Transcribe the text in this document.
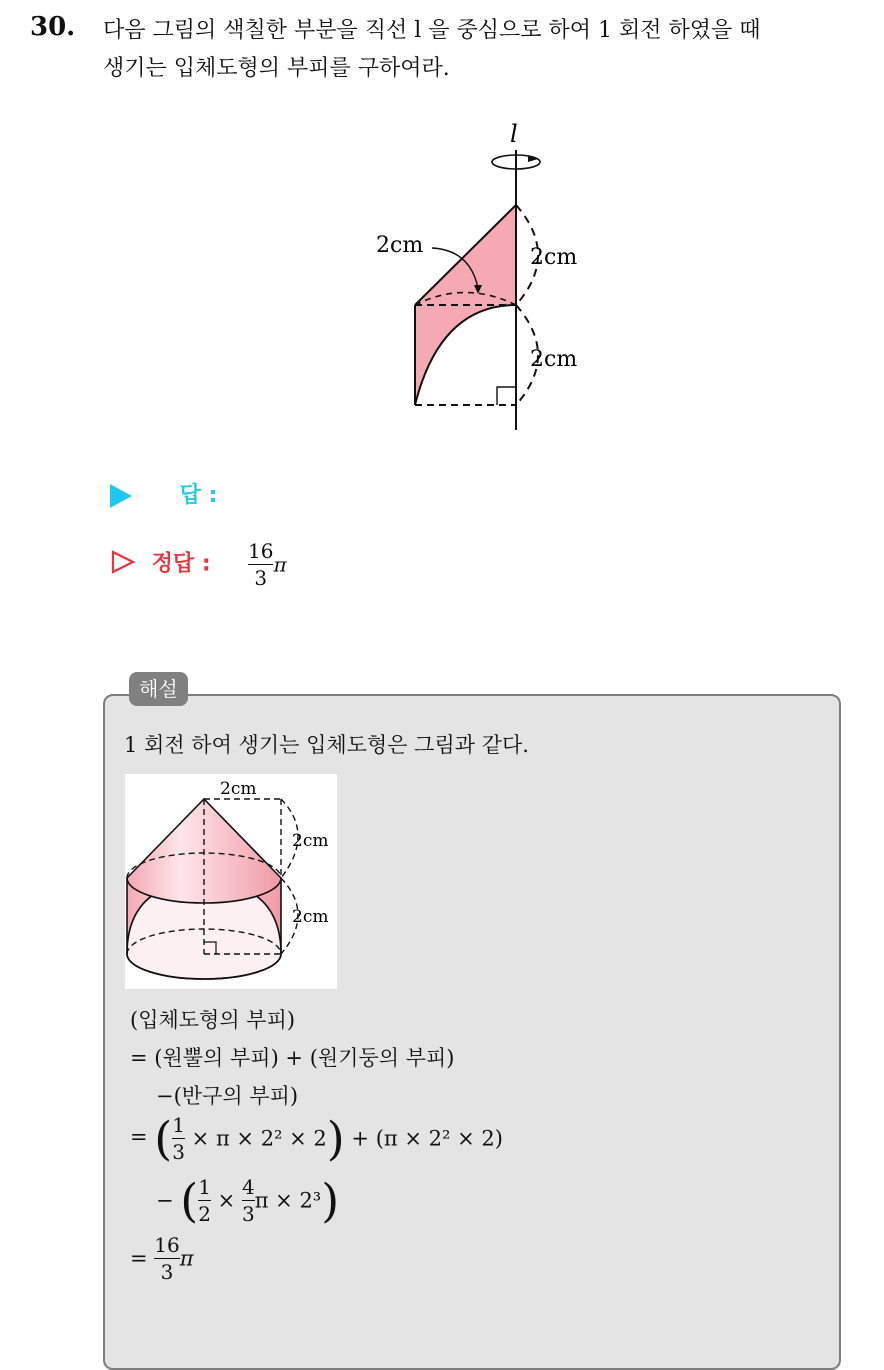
30. 다음 그림의 색칠한 부분을 직선 l 을 중심으로 하여 1 회전 하였을 때
생기는 입체도형의 부피를 구하여라.
l
2cm	2cm
2cm
답 :
정답 : $\frac{16}{3}$ π
해설
1 회전 하여 생기는 입체도형은 그림과 같다.
2cm
2cm
2cm
(입체도형의 부피)
= (원뿔의 부피) + (원기둥의 부피)
−(반구의 부피)
= ( $\frac{1}{3} \times \pi \times 2^2 \times 2) + (\pi \times 2^2 \times 2)$
− ( $\frac{1}{2} \times \frac{4}{3}$ π × 2³)
= $\frac{16}{3}$ π
